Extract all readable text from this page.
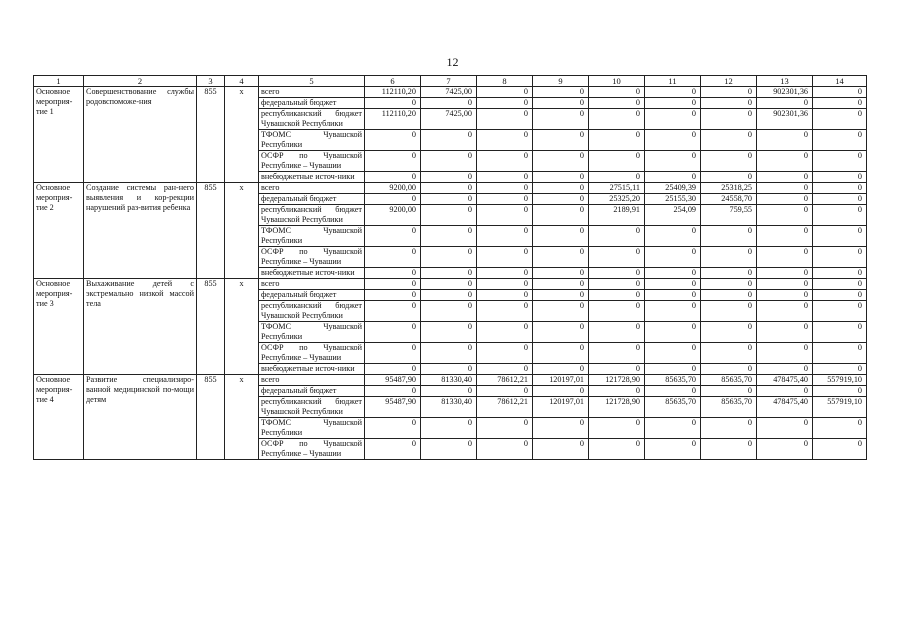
12
1	2	3	4	5	6	7	8	9	10	11	12	13	14
Основное мероприя-тие 1	Совершенствование службы родовспоможе-ния	855	х	всего	112110,20	7425,00	0	0	0	0	0	902301,36	0
				федеральный бюджет	0	0	0	0	0	0	0	0	0
				республиканский бюджет Чувашской Республики	112110,20	7425,00	0	0	0	0	0	902301,36	0
				ТФОМС Чувашской Республики	0	0	0	0	0	0	0	0	0
				ОСФР по Чувашской Республике – Чувашии	0	0	0	0	0	0	0	0	0
				внебюджетные источ-ники	0	0	0	0	0	0	0	0	0
Основное мероприя-тие 2	Создание системы ран-него выявления и кор-рекции нарушений раз-вития ребенка	855	х	всего	9200,00	0	0	0	27515,11	25409,39	25318,25	0	0
				федеральный бюджет	0	0	0	0	25325,20	25155,30	24558,70	0	0
				республиканский бюджет Чувашской Республики	9200,00	0	0	0	2189,91	254,09	759,55	0	0
				ТФОМС Чувашской Республики	0	0	0	0	0	0	0	0	0
				ОСФР по Чувашской Республике – Чувашии	0	0	0	0	0	0	0	0	0
				внебюджетные источ-ники	0	0	0	0	0	0	0	0	0
Основное мероприя-тие 3	Выхаживание детей с экстремально низкой массой тела	855	х	всего	0	0	0	0	0	0	0	0	0
				федеральный бюджет	0	0	0	0	0	0	0	0	0
				республиканский бюджет Чувашской Республики	0	0	0	0	0	0	0	0	0
				ТФОМС Чувашской Республики	0	0	0	0	0	0	0	0	0
				ОСФР по Чувашской Республике – Чувашии	0	0	0	0	0	0	0	0	0
				внебюджетные источ-ники	0	0	0	0	0	0	0	0	0
Основное мероприя-тие 4	Развитие специализиро-ванной медицинской по-мощи детям	855	х	всего	95487,90	81330,40	78612,21	120197,01	121728,90	85635,70	85635,70	478475,40	557919,10
				федеральный бюджет	0	0	0	0	0	0	0	0	0
				республиканский бюджет Чувашской Республики	95487,90	81330,40	78612,21	120197,01	121728,90	85635,70	85635,70	478475,40	557919,10
				ТФОМС Чувашской Республики	0	0	0	0	0	0	0	0	0
				ОСФР по Чувашской Республике – Чувашии	0	0	0	0	0	0	0	0	0
